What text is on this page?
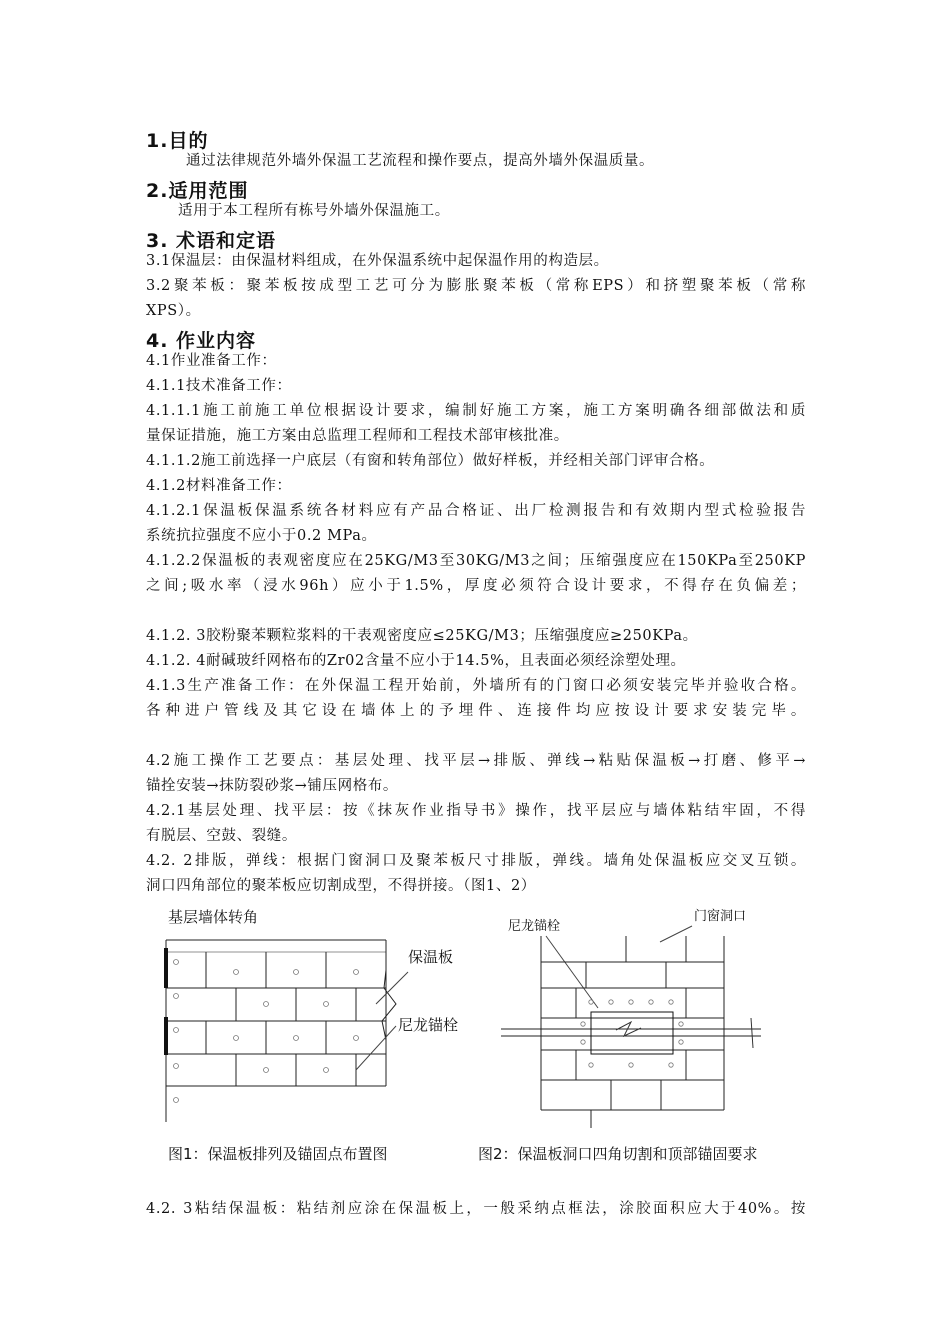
1.目的
通过法律规范外墙外保温工艺流程和操作要点，提高外墙外保温质量。
2.适用范围
适用于本工程所有栋号外墙外保温施工。
3. 术语和定语
3.1保温层：由保温材料组成，在外保温系统中起保温作用的构造层。
3.2聚苯板：聚苯板按成型工艺可分为膨胀聚苯板（常称EPS）和挤塑聚苯板（常称
XPS）。
4. 作业内容
4.1作业准备工作：
4.1.1技术准备工作：
4.1.1.1施工前施工单位根据设计要求，编制好施工方案，施工方案明确各细部做法和质
量保证措施，施工方案由总监理工程师和工程技术部审核批准。
4.1.1.2施工前选择一户底层（有窗和转角部位）做好样板，并经相关部门评审合格。
4.1.2材料准备工作：
4.1.2.1保温板保温系统各材料应有产品合格证、出厂检测报告和有效期内型式检验报告
系统抗拉强度不应小于0.2 MPa。
4.1.2.2保温板的表观密度应在25KG/M3至30KG/M3之间；压缩强度应在150KPa至250KP
之间;吸水率（浸水96h）应小于1.5%，厚度必须符合设计要求，不得存在负偏差；
4.1.2. 3胶粉聚苯颗粒浆料的干表观密度应≤25KG/M3；压缩强度应≥250KPa。
4.1.2. 4耐碱玻纤网格布的Zr02含量不应小于14.5%，且表面必须经涂塑处理。
4.1.3生产准备工作：在外保温工程开始前，外墙所有的门窗口必须安装完毕并验收合格。
各种进户管线及其它设在墙体上的予埋件、连接件均应按设计要求安装完毕。
4.2施工操作工艺要点：基层处理、找平层→排版、弹线→粘贴保温板→打磨、修平→
锚拴安装→抹防裂砂浆→铺压网格布。
4.2.1基层处理、找平层：按《抹灰作业指导书》操作，找平层应与墙体粘结牢固，不得
有脱层、空鼓、裂缝。
4.2. 2排版，弹线：根据门窗洞口及聚苯板尺寸排版，弹线。墙角处保温板应交叉互锁。
洞口四角部位的聚苯板应切割成型，不得拼接。（图1、2）
基层墙体转角
保温板
尼龙锚栓
图1：保温板排列及锚固点布置图
尼龙锚栓
门窗洞口
图2：保温板洞口四角切割和顶部锚固要求
4.2. 3粘结保温板：粘结剂应涂在保温板上，一般采纳点框法，涂胶面积应大于40%。按
